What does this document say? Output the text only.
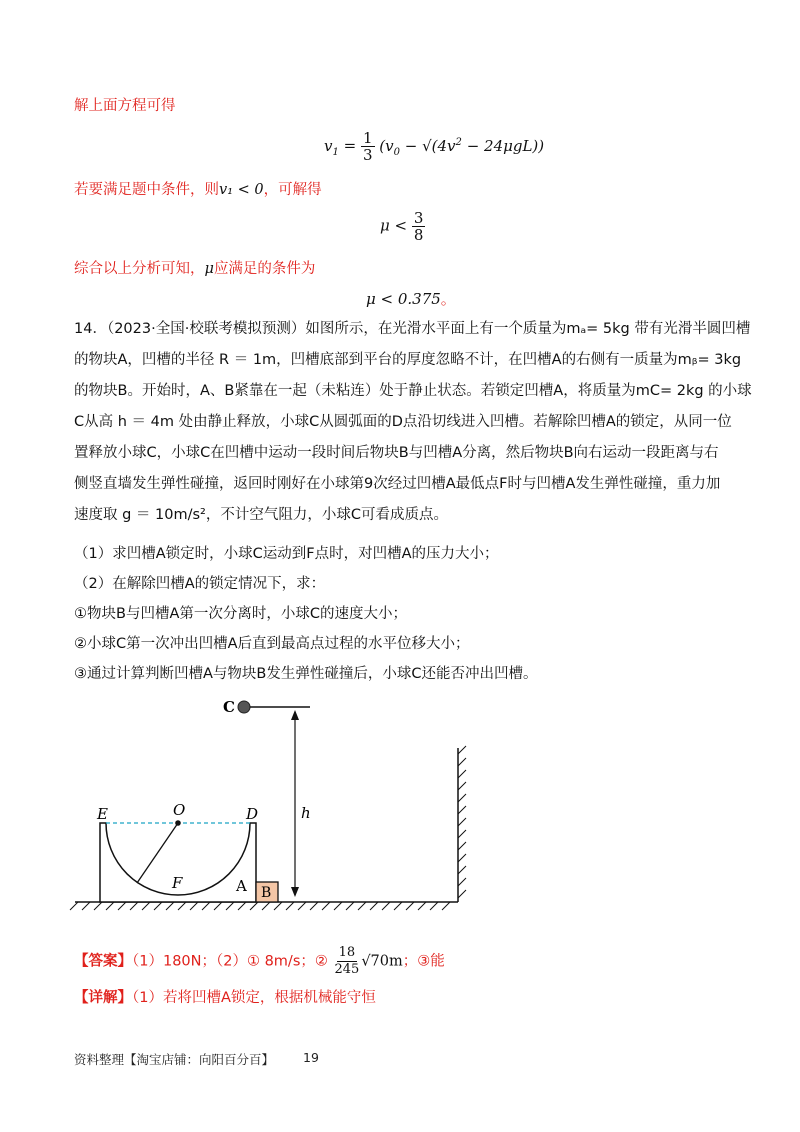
解上面方程可得
$v_1 = \frac{1}{3} (v_0 - √(4v^2 - 24\mu gL))$
若要满足题中条件，则v₁ < 0，可解得
$\mu < \frac{3}{8}$
综合以上分析可知，μ应满足的条件为
μ < 0.375。
14．（2023·全国·校联考模拟预测）如图所示，在光滑水平面上有一个质量为mₐ= 5kg 带有光滑半圆凹槽
的物块A，凹槽的半径 R ＝ 1m，凹槽底部到平台的厚度忽略不计，在凹槽A的右侧有一质量为mᵦ= 3kg
的物块B。开始时，A、B紧靠在一起（未粘连）处于静止状态。若锁定凹槽A，将质量为mC= 2kg 的小球
C从高 h ＝ 4m 处由静止释放，小球C从圆弧面的D点沿切线进入凹槽。若解除凹槽A的锁定，从同一位
置释放小球C，小球C在凹槽中运动一段时间后物块B与凹槽A分离，然后物块B向右运动一段距离与右
侧竖直墙发生弹性碰撞，返回时刚好在小球第9次经过凹槽A最低点F时与凹槽A发生弹性碰撞，重力加
速度取 g ＝ 10m/s²，不计空气阻力，小球C可看成质点。
（1）求凹槽A锁定时，小球C运动到F点时，对凹槽A的压力大小；
（2）在解除凹槽A的锁定情况下，求：
①物块B与凹槽A第一次分离时，小球C的速度大小；
②小球C第一次冲出凹槽A后直到最高点过程的水平位移大小；
③通过计算判断凹槽A与物块B发生弹性碰撞后，小球C还能否冲出凹槽。
C
h
O
E	D
F	A B
【答案】（1）180N；（2）① 8m/s；② $\frac{18}{245} √70m$；③能
【详解】（1）若将凹槽A锁定，根据机械能守恒
资料整理【淘宝店铺：向阳百分百】 19
